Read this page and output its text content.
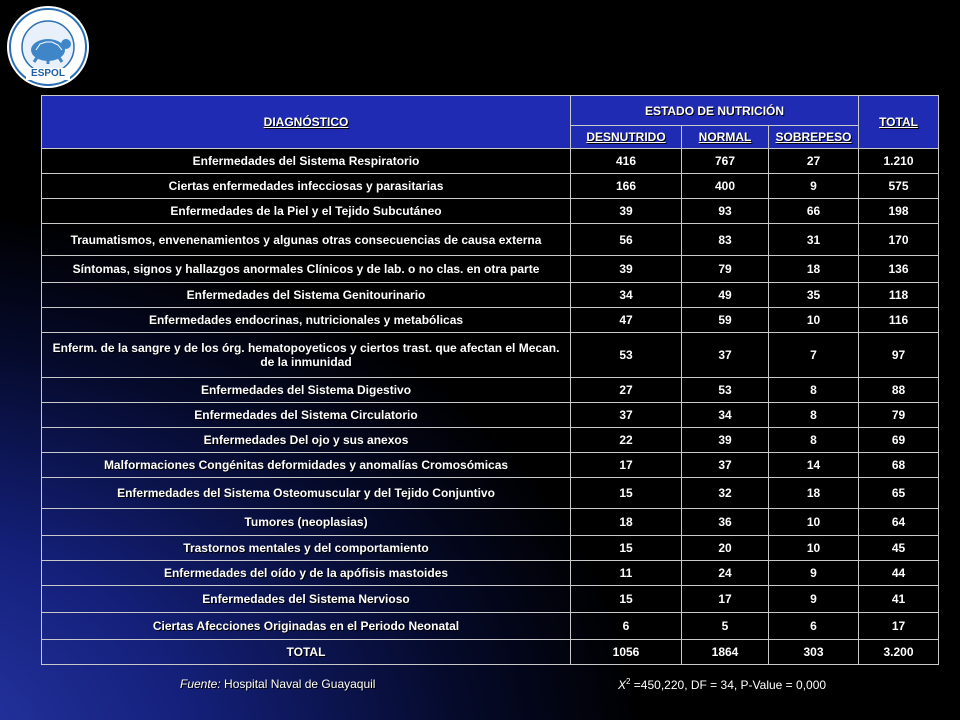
ESPOL
DIAGNÓSTICO	ESTADO DE NUTRICIÓN			TOTAL
	DESNUTRIDO	NORMAL	SOBREPESO	
Enfermedades del Sistema Respiratorio	416	767	27	1.210
Ciertas enfermedades infecciosas y parasitarias	166	400	9	575
Enfermedades de la Piel y el Tejido Subcutáneo	39	93	66	198
Traumatismos, envenenamientos y algunas otras consecuencias de causa externa	56	83	31	170
Síntomas, signos y hallazgos anormales Clínicos y de lab. o no clas. en otra parte	39	79	18	136
Enfermedades del Sistema Genitourinario	34	49	35	118
Enfermedades endocrinas, nutricionales y metabólicas	47	59	10	116
Enferm. de la sangre y de los órg. hematopoyeticos y ciertos trast. que afectan el Mecan. de la inmunidad	53	37	7	97
Enfermedades del Sistema Digestivo	27	53	8	88
Enfermedades del Sistema Circulatorio	37	34	8	79
Enfermedades Del ojo y sus anexos	22	39	8	69
Malformaciones Congénitas deformidades y anomalías Cromosómicas	17	37	14	68
Enfermedades del Sistema Osteomuscular y del Tejido Conjuntivo	15	32	18	65
Tumores (neoplasias)	18	36	10	64
Trastornos mentales y del comportamiento	15	20	10	45
Enfermedades del oído y de la apófisis mastoides	11	24	9	44
Enfermedades del Sistema Nervioso	15	17	9	41
Ciertas Afecciones Originadas en el Periodo Neonatal	6	5	6	17
TOTAL	1056	1864	303	3.200
Fuente: Hospital Naval de Guayaquil	$X^2 =450,220$, DF = 34, P-Value = 0,000
